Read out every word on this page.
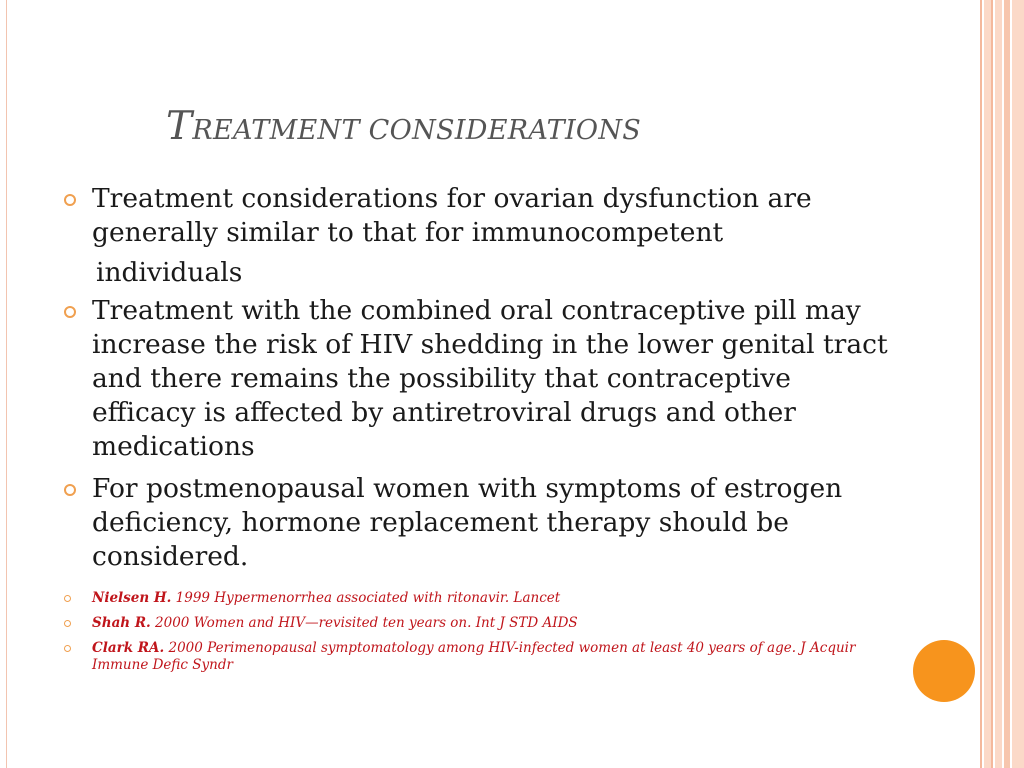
TREATMENT CONSIDERATIONS
Treatment considerations for ovarian dysfunction are generally similar to that for immunocompetent
individuals
Treatment with the combined oral contraceptive pill may increase the risk of HIV shedding in the lower genital tract and there remains the possibility that contraceptive efficacy is affected by antiretroviral drugs and other medications
For postmenopausal women with symptoms of estrogen deficiency, hormone replacement therapy should be considered.
Nielsen H. 1999 Hypermenorrhea associated with ritonavir. Lancet
Shah R. 2000 Women and HIV—revisited ten years on. Int J STD AIDS
Clark RA. 2000 Perimenopausal symptomatology among HIV-infected women at least 40 years of age. J Acquir Immune Defic Syndr
